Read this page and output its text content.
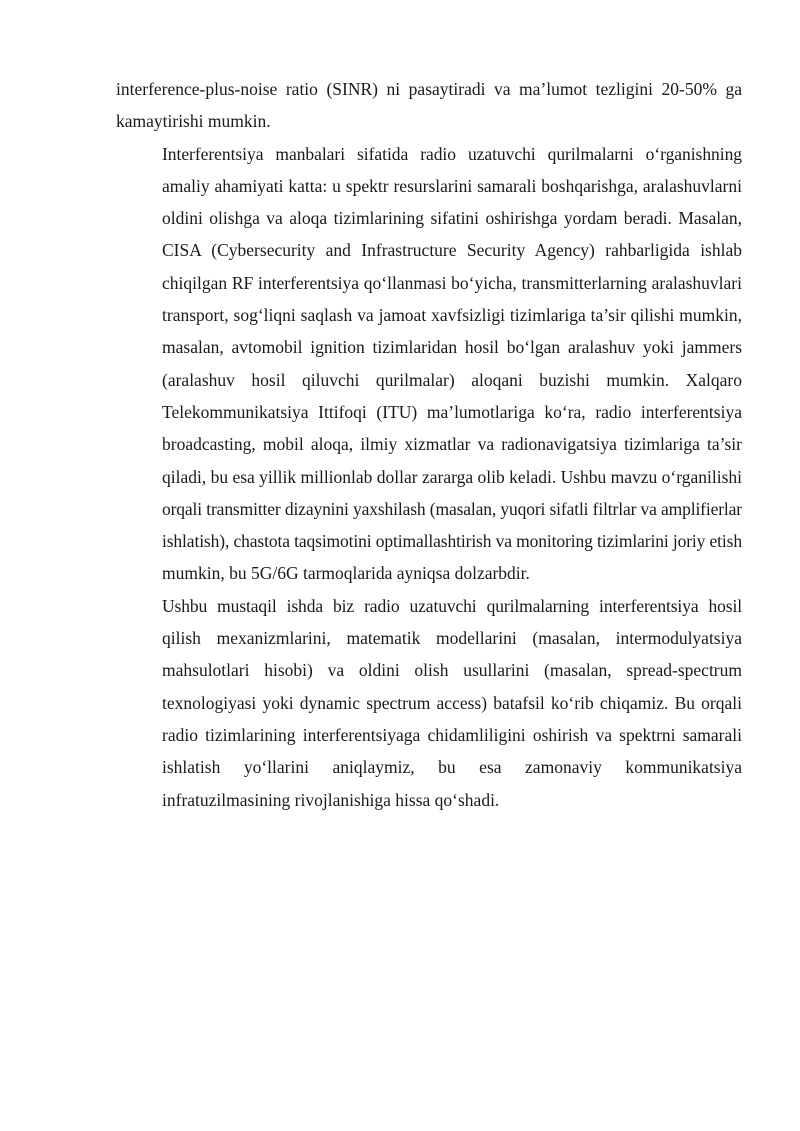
interference-plus-noise ratio (SINR) ni pasaytiradi va ma’lumot tezligini 20-50% ga
kamaytirishi mumkin.

Interferentsiya manbalari sifatida radio uzatuvchi qurilmalarni o‘rganishning
amaliy ahamiyati katta: u spektr resurslarini samarali boshqarishga, aralashuvlarni
oldini olishga va aloqa tizimlarining sifatini oshirishga yordam beradi. Masalan,
CISA (Cybersecurity and Infrastructure Security Agency) rahbarligida ishlab
chiqilgan RF interferentsiya qo‘llanmasi bo‘yicha, transmitterlarning aralashuvlari
transport, sog‘liqni saqlash va jamoat xavfsizligi tizimlariga ta’sir qilishi mumkin,
masalan, avtomobil ignition tizimlaridan hosil bo‘lgan aralashuv yoki jammers
(aralashuv hosil qiluvchi qurilmalar) aloqani buzishi mumkin. Xalqaro
Telekommunikatsiya Ittifoqi (ITU) ma’lumotlariga ko‘ra, radio interferentsiya
broadcasting, mobil aloqa, ilmiy xizmatlar va radionavigatsiya tizimlariga ta’sir
qiladi, bu esa yillik millionlab dollar zararga olib keladi. Ushbu mavzu o‘rganilishi
orqali transmitter dizaynini yaxshilash (masalan, yuqori sifatli filtrlar va amplifierlar
ishlatish), chastota taqsimotini optimallashtirish va monitoring tizimlarini joriy etish
mumkin, bu 5G/6G tarmoqlarida ayniqsa dolzarbdir.

Ushbu mustaqil ishda biz radio uzatuvchi qurilmalarning interferentsiya hosil
qilish mexanizmlarini, matematik modellarini (masalan, intermodulyatsiya
mahsulotlari hisobi) va oldini olish usullarini (masalan, spread-spectrum
texnologiyasi yoki dynamic spectrum access) batafsil ko‘rib chiqamiz. Bu orqali
radio tizimlarining interferentsiyaga chidamliligini oshirish va spektrni samarali
ishlatish yo‘llarini aniqlaymiz, bu esa zamonaviy kommunikatsiya
infratuzilmasining rivojlanishiga hissa qo‘shadi.
